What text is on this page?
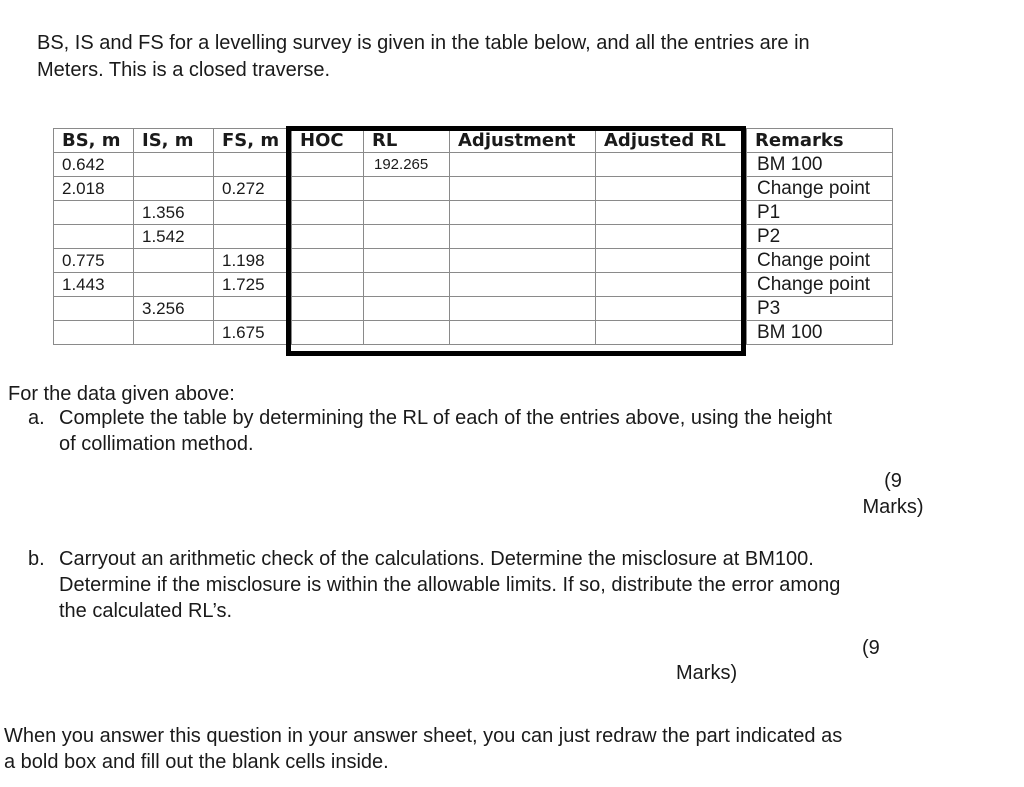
BS, IS and FS for a levelling survey is given in the table below, and all the entries are in
Meters. This is a closed traverse.
BS, m	IS, m	FS, m	HOC	RL	Adjustment	Adjusted RL	Remarks
0.642				192.265			BM 100
2.018		0.272					Change point
	1.356						P1
	1.542						P2
0.775		1.198					Change point
1.443		1.725					Change point
	3.256						P3
		1.675					BM 100
For the data given above:
a. Complete the table by determining the RL of each of the entries above, using the height
of collimation method.
(9
Marks)
b. Carryout an arithmetic check of the calculations. Determine the misclosure at BM100.
Determine if the misclosure is within the allowable limits. If so, distribute the error among
the calculated RL’s.
(9
Marks)
When you answer this question in your answer sheet, you can just redraw the part indicated as
a bold box and fill out the blank cells inside.
